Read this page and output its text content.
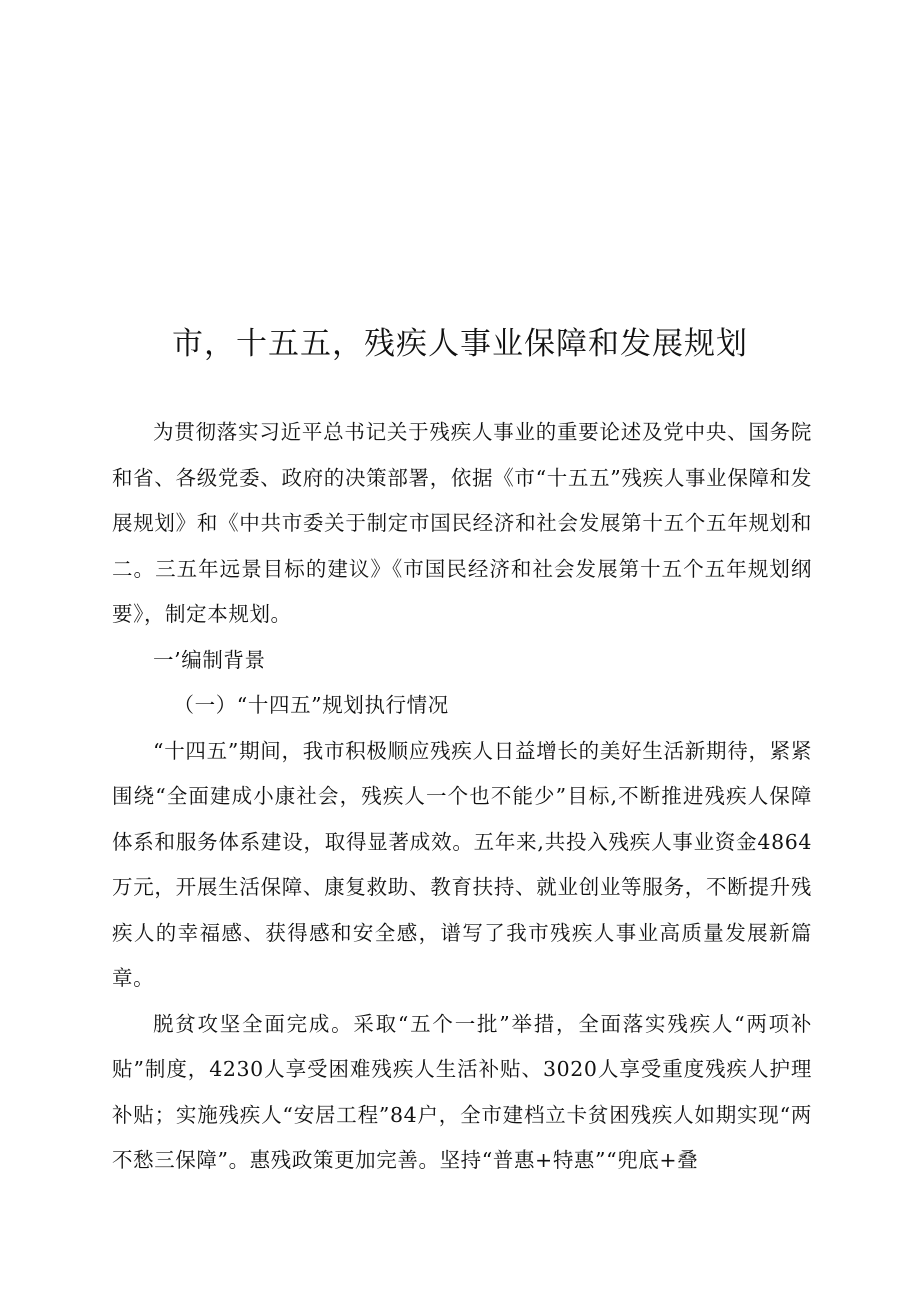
市，十五五，残疾人事业保障和发展规划

为贯彻落实习近平总书记关于残疾人事业的重要论述及党中央、国务院和省、各级党委、政府的决策部署，依据《市“十五五”残疾人事业保障和发展规划》和《中共市委关于制定市国民经济和社会发展第十五个五年规划和二。三五年远景目标的建议》《市国民经济和社会发展第十五个五年规划纲要》，制定本规划。

一’编制背景

（一）“十四五”规划执行情况

“十四五”期间，我市积极顺应残疾人日益增长的美好生活新期待，紧紧围绕“全面建成小康社会，残疾人一个也不能少”目标,不断推进残疾人保障体系和服务体系建设，取得显著成效。五年来,共投入残疾人事业资金4864万元，开展生活保障、康复救助、教育扶持、就业创业等服务，不断提升残疾人的幸福感、获得感和安全感，谱写了我市残疾人事业高质量发展新篇章。

脱贫攻坚全面完成。采取“五个一批”举措，全面落实残疾人“两项补贴”制度，4230人享受困难残疾人生活补贴、3020人享受重度残疾人护理补贴；实施残疾人“安居工程”84户，全市建档立卡贫困残疾人如期实现“两不愁三保障”。惠残政策更加完善。坚持“普惠+特惠”“兜底+叠
